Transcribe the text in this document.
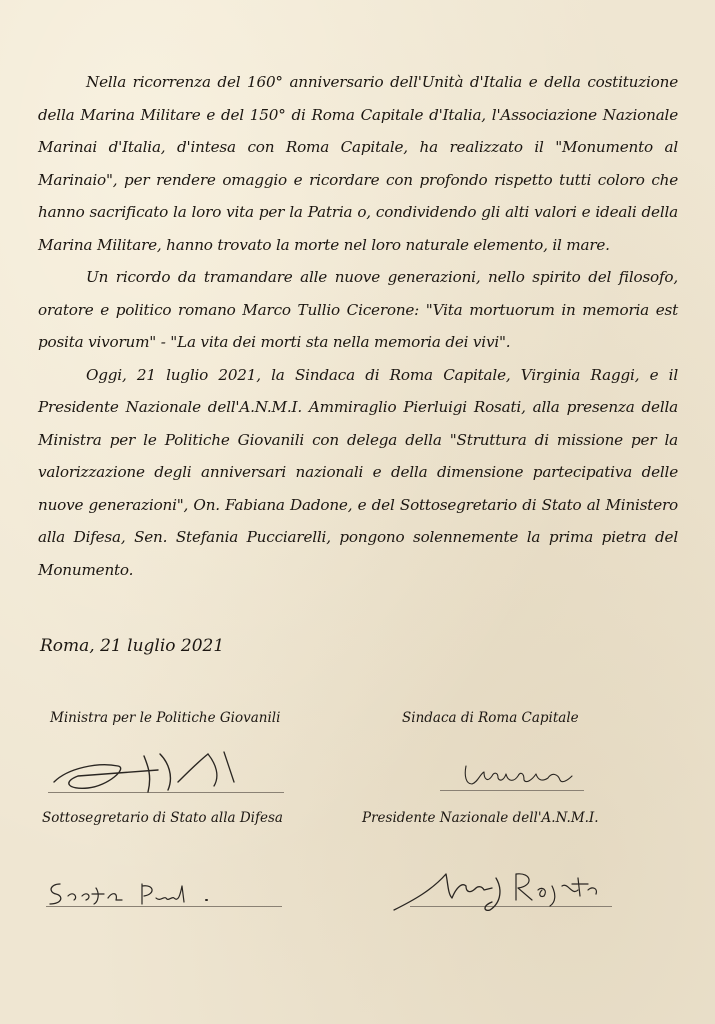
Nella ricorrenza del 160° anniversario dell'Unità d'Italia e della costituzione della Marina Militare e del 150° di Roma Capitale d'Italia, l'Associazione Nazionale Marinai d'Italia, d'intesa con Roma Capitale, ha realizzato il "Monumento al Marinaio", per rendere omaggio e ricordare con profondo rispetto tutti coloro che hanno sacrificato la loro vita per la Patria o, condividendo gli alti valori e ideali della Marina Militare, hanno trovato la morte nel loro naturale elemento, il mare.

Un ricordo da tramandare alle nuove generazioni, nello spirito del filosofo, oratore e politico romano Marco Tullio Cicerone: "Vita mortuorum in memoria est posita vivorum" - "La vita dei morti sta nella memoria dei vivi".

Oggi, 21 luglio 2021, la Sindaca di Roma Capitale, Virginia Raggi, e il Presidente Nazionale dell'A.N.M.I. Ammiraglio Pierluigi Rosati, alla presenza della Ministra per le Politiche Giovanili con delega della "Struttura di missione per la valorizzazione degli anniversari nazionali e della dimensione partecipativa delle nuove generazioni", On. Fabiana Dadone, e del Sottosegretario di Stato al Ministero alla Difesa, Sen. Stefania Pucciarelli, pongono solennemente la prima pietra del Monumento.

Roma, 21 luglio 2021
Ministra per le Politiche Giovanili	Sindaca di Roma Capitale
Sottosegretario di Stato alla Difesa	Presidente Nazionale dell'A.N.M.I.
